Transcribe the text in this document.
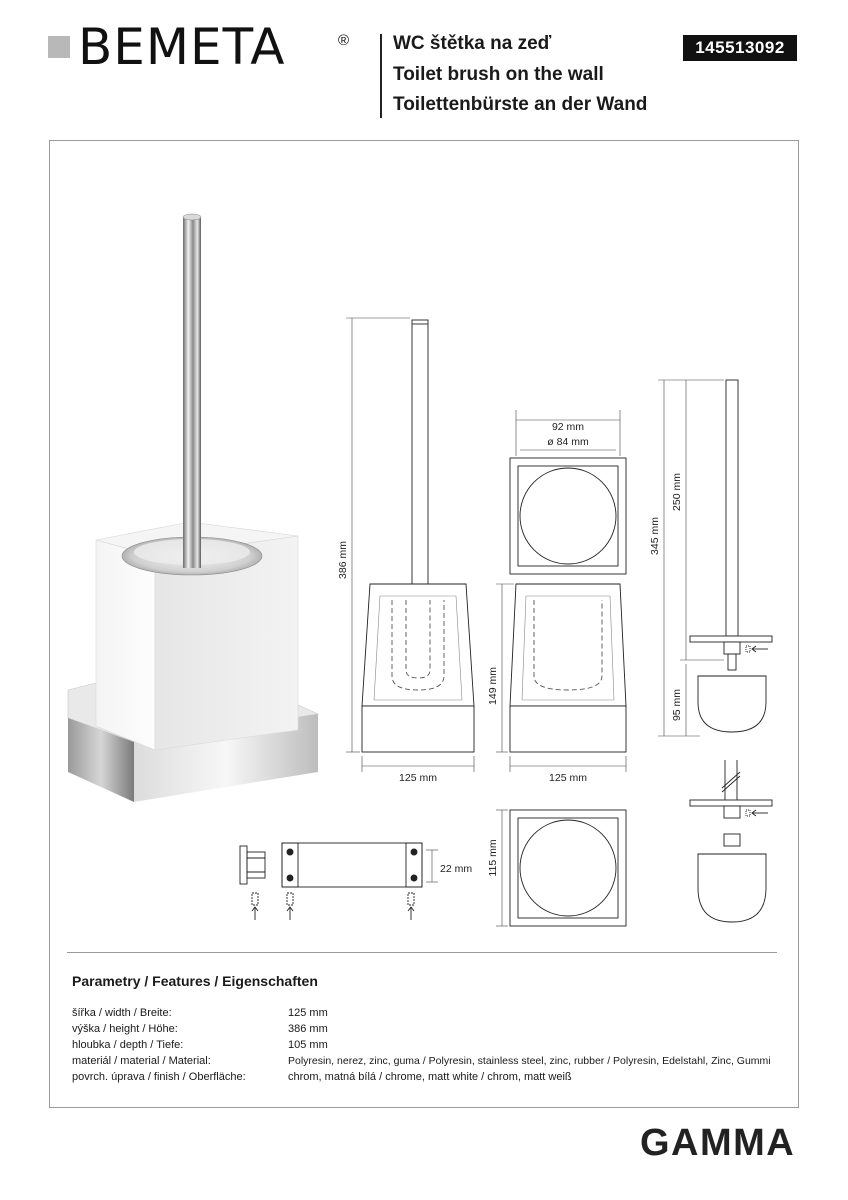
BEMETA	® WC štětka na zeď
Toilet brush on the wall
Toilettenbürste an der Wand
145513092
386 mm
125 mm	125 mm
149 mm
92 mm
ø 84 mm
345 mm
250 mm
95 mm
115 mm
22 mm
Parametry / Features / Eigenschaften
šířka / width / Breite:	125 mm
výška / height / Höhe:	386 mm
hloubka / depth / Tiefe:	105 mm
materiál / material / Material:	Polyresin, nerez, zinc, guma / Polyresin, stainless steel, zinc, rubber / Polyresin, Edelstahl, Zinc, Gummi
povrch. úprava / finish / Oberfläche:	chrom, matná bílá / chrome, matt white / chrom, matt weiß
GAMMA
